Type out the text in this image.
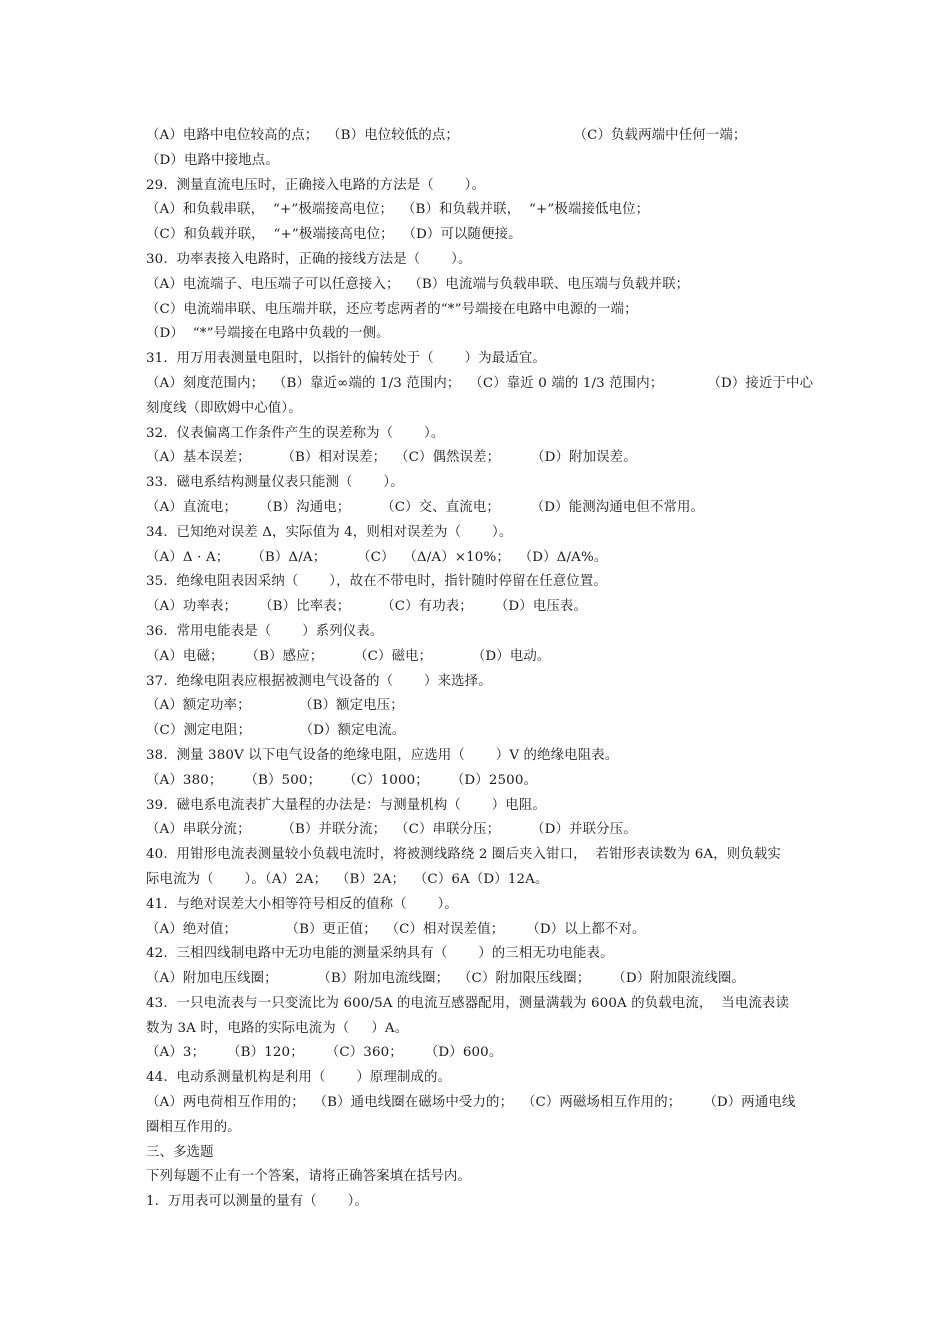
（A）电路中电位较高的点；  （B）电位较低的点；                          （C）负载两端中任何一端；
（D）电路中接地点。
29.  测量直流电压时，正确接入电路的方法是（       ）。
（A）和负载串联，  “+”极端接高电位；  （B）和负载并联，  “+”极端接低电位；
（C）和负载并联，  “+”极端接高电位；  （D）可以随便接。
30.  功率表接入电路时，正确的接线方法是（       ）。
（A）电流端子、电压端子可以任意接入；  （B）电流端与负载串联、电压端与负载并联；
（C）电流端串联、电压端并联，还应考虑两者的“*”号端接在电路中电源的一端；
（D）  “*”号端接在电路中负载的一侧。
31.  用万用表测量电阻时，以指针的偏转处于（       ）为最适宜。
（A）刻度范围内；  （B）靠近∞端的 1/3 范围内；  （C）靠近 0 端的 1/3 范围内；          （D）接近于中心
刻度线（即欧姆中心值）。
32.  仪表偏离工作条件产生的误差称为（       ）。
（A）基本误差；       （B）相对误差；  （C）偶然误差；       （D）附加误差。
33.  磁电系结构测量仪表只能测（       ）。
（A）直流电；     （B）沟通电；       （C）交、直流电；       （D）能测沟通电但不常用。
34.  已知绝对误差 Δ，实际值为 4，则相对误差为（       ）。
（A）Δ · A；     （B）Δ/A；       （C）  （Δ/A）×10%；  （D）Δ/A%。
35.  绝缘电阻表因采纳（       ），故在不带电时，指针随时停留在任意位置。
（A）功率表；     （B）比率表；       （C）有功表；     （D）电压表。
36.  常用电能表是（       ）系列仪表。
（A）电磁；     （B）感应；       （C）磁电；         （D）电动。
37.  绝缘电阻表应根据被测电气设备的（       ）来选择。
（A）额定功率；           （B）额定电压；
（C）测定电阻；           （D）额定电流。
38.  测量 380V 以下电气设备的绝缘电阻，应选用（       ）V 的绝缘电阻表。
（A）380；     （B）500；     （C）1000；     （D）2500。
39.  磁电系电流表扩大量程的办法是：与测量机构（       ）电阻。
（A）串联分流；       （B）并联分流；  （C）串联分压；       （D）并联分压。
40.  用钳形电流表测量较小负载电流时，将被测线路绕 2 圈后夹入钳口，  若钳形表读数为 6A，则负载实
际电流为（       ）。（A）2A；  （B）2A；  （C）6A（D）12A。
41.  与绝对误差大小相等符号相反的值称（       ）。
（A）绝对值；           （B）更正值；  （C）相对误差值；     （D）以上都不对。
42.  三相四线制电路中无功电能的测量采纳具有（       ）的三相无功电能表。
（A）附加电压线圈；         （B）附加电流线圈；  （C）附加限压线圈；     （D）附加限流线圈。
43.  一只电流表与一只变流比为 600/5A 的电流互感器配用，测量满载为 600A 的负载电流，  当电流表读
数为 3A 时，电路的实际电流为（     ）A。
（A）3；     （B）120；     （C）360；     （D）600。
44.  电动系测量机构是利用（       ）原理制成的。
（A）两电荷相互作用的；  （B）通电线圈在磁场中受力的；  （C）两磁场相互作用的；     （D）两通电线
圈相互作用的。
三、多选题
下列每题不止有一个答案，请将正确答案填在括号内。
1.  万用表可以测量的量有（       ）。
